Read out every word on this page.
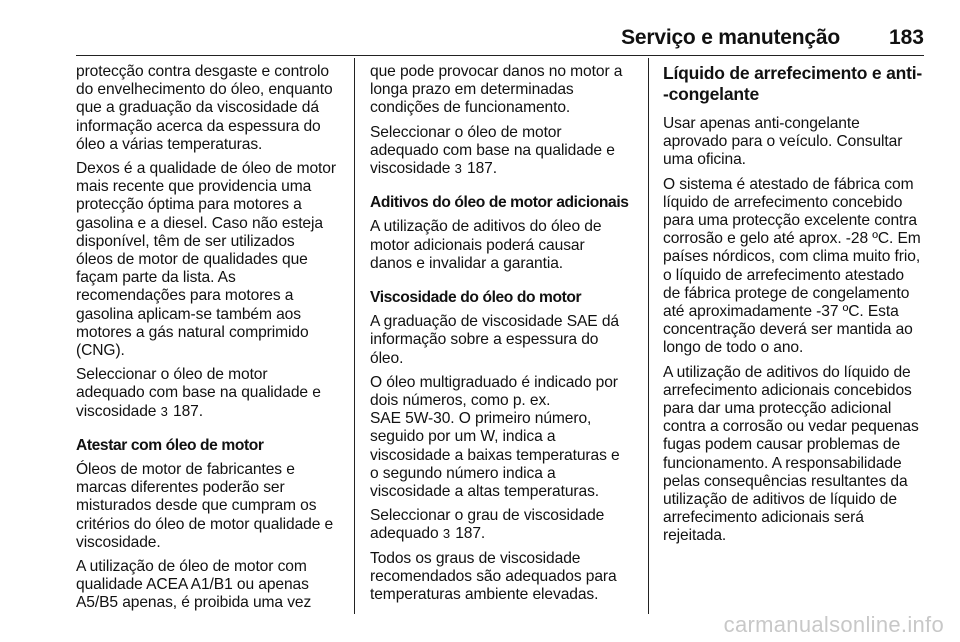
Serviço e manutenção 183

protecção contra desgaste e controlo
do envelhecimento do óleo, enquanto
que a graduação da viscosidade dá
informação acerca da espessura do
óleo a várias temperaturas.

Dexos é a qualidade de óleo de motor
mais recente que providencia uma
protecção óptima para motores a
gasolina e a diesel. Caso não esteja
disponível, têm de ser utilizados
óleos de motor de qualidades que
façam parte da lista. As
recomendações para motores a
gasolina aplicam-se também aos
motores a gás natural comprimido
(CNG).

Seleccionar o óleo de motor
adequado com base na qualidade e
viscosidade 3 187.

Atestar com óleo de motor

Óleos de motor de fabricantes e
marcas diferentes poderão ser
misturados desde que cumpram os
critérios do óleo de motor qualidade e
viscosidade.

A utilização de óleo de motor com
qualidade ACEA A1/B1 ou apenas
A5/B5 apenas, é proibida uma vez

que pode provocar danos no motor a
longa prazo em determinadas
condições de funcionamento.

Seleccionar o óleo de motor
adequado com base na qualidade e
viscosidade 3 187.

Aditivos do óleo de motor adicionais

A utilização de aditivos do óleo de
motor adicionais poderá causar
danos e invalidar a garantia.

Viscosidade do óleo do motor

A graduação de viscosidade SAE dá
informação sobre a espessura do
óleo.

O óleo multigraduado é indicado por
dois números, como p. ex.
SAE 5W-30. O primeiro número,
seguido por um W, indica a
viscosidade a baixas temperaturas e
o segundo número indica a
viscosidade a altas temperaturas.

Seleccionar o grau de viscosidade
adequado 3 187.

Todos os graus de viscosidade
recomendados são adequados para
temperaturas ambiente elevadas.

Líquido de arrefecimento e anti-
-congelante

Usar apenas anti-congelante
aprovado para o veículo. Consultar
uma oficina.

O sistema é atestado de fábrica com
líquido de arrefecimento concebido
para uma protecção excelente contra
corrosão e gelo até aprox. -28 ºC. Em
países nórdicos, com clima muito frio,
o líquido de arrefecimento atestado
de fábrica protege de congelamento
até aproximadamente -37 ºC. Esta
concentração deverá ser mantida ao
longo de todo o ano.

A utilização de aditivos do líquido de
arrefecimento adicionais concebidos
para dar uma protecção adicional
contra a corrosão ou vedar pequenas
fugas podem causar problemas de
funcionamento. A responsabilidade
pelas consequências resultantes da
utilização de aditivos de líquido de
arrefecimento adicionais será
rejeitada.

carmanualsonline.info
